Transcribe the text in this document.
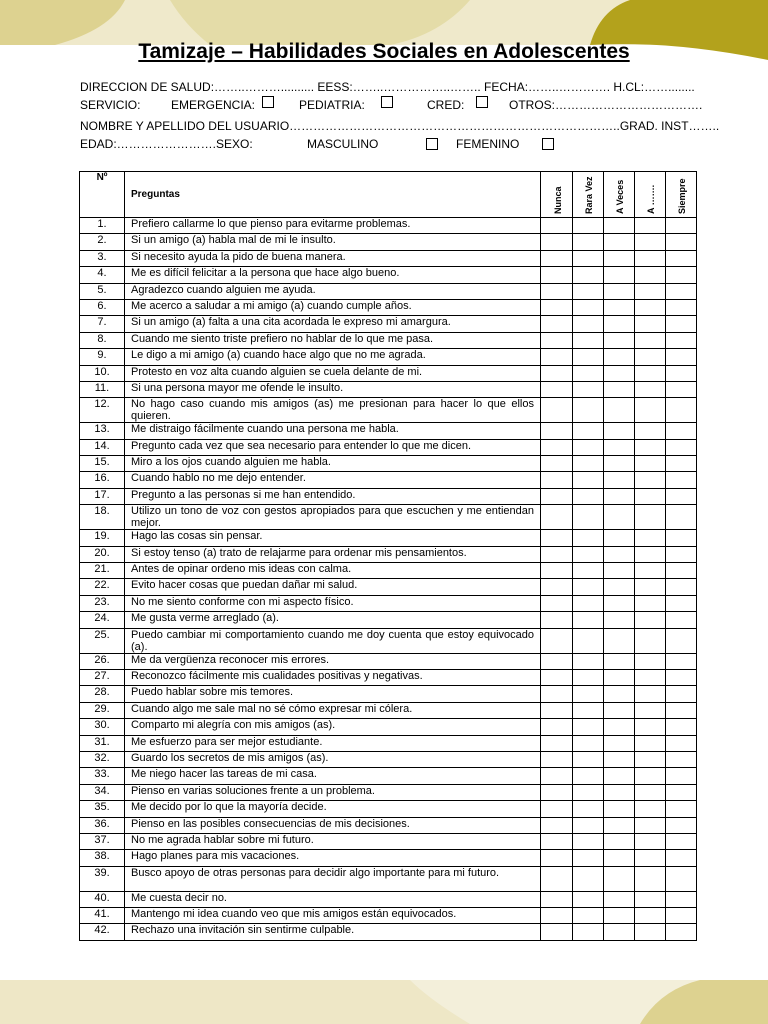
Tamizaje – Habilidades Sociales en Adolescentes
DIRECCION DE SALUD:……..……….......... EESS:……..……………..…….. FECHA:……..…………. H.CL:……........
SERVICIO:	EMERGENCIA:	PEDIATRIA:	CRED:	OTROS:……………………………….
NOMBRE Y APELLIDO DEL USUARIO………………………………………………………………………..GRAD. INST……..
EDAD:…………………….SEXO:	MASCULINO	FEMENINO
Nº	Preguntas	Nunca	Rara Vez	A Veces	A …….	Siempre

1.	Prefiero callarme lo que pienso para evitarme problemas.					
2.	Si un amigo (a) habla mal de mi le insulto.					
3.	Si necesito ayuda la pido de buena manera.					
4.	Me es difícil felicitar a la persona que hace algo bueno.					
5.	Agradezco cuando alguien me ayuda.					
6.	Me acerco a saludar a mi amigo (a) cuando cumple años.					
7.	Si un amigo (a) falta a una cita acordada le expreso mi amargura.					
8.	Cuando me siento triste prefiero no hablar de lo que me pasa.					
9.	Le digo a mi amigo (a) cuando hace algo que no me agrada.					
10.	Protesto en voz alta cuando alguien se cuela delante de mi.					
11.	Si una persona mayor me ofende le insulto.					
12.	No hago caso cuando mis amigos (as) me presionan para hacer lo que ellos quieren.					
13.	Me distraigo fácilmente cuando una persona me habla.					
14.	Pregunto cada vez que sea necesario para entender lo que me dicen.					
15.	Miro a los ojos cuando alguien me habla.					
16.	Cuando hablo no me dejo entender.					
17.	Pregunto a las personas si me han entendido.					
18.	Utilizo un tono de voz con gestos apropiados para que escuchen y me entiendan mejor.					
19.	Hago las cosas sin pensar.					
20.	Si estoy tenso (a) trato de relajarme para ordenar mis pensamientos.					
21.	Antes de opinar ordeno mis ideas con calma.					
22.	Evito hacer cosas que puedan dañar mi salud.					
23.	No me siento conforme con mi aspecto físico.					
24.	Me gusta verme arreglado (a).					
25.	Puedo cambiar mi comportamiento cuando me doy cuenta que estoy equivocado (a).					
26.	Me da vergüenza reconocer mis errores.					
27.	Reconozco fácilmente mis cualidades positivas y negativas.					
28.	Puedo hablar sobre mis temores.					
29.	Cuando algo me sale mal no sé cómo expresar mi cólera.					
30.	Comparto mi alegría con mis amigos (as).					
31.	Me esfuerzo para ser mejor estudiante.					
32.	Guardo los secretos de mis amigos (as).					
33.	Me niego hacer las tareas de mi casa.					
34.	Pienso en varias soluciones frente a un problema.					
35.	Me decido por lo que la mayoría decide.					
36.	Pienso en las posibles consecuencias de mis decisiones.					
37.	No me agrada hablar sobre mi futuro.					
38.	Hago planes para mis vacaciones.					
39.	Busco apoyo de otras personas para decidir algo importante para mi futuro.					
40.	Me cuesta decir no.					
41.	Mantengo mi idea cuando veo que mis amigos están equivocados.					
42.	Rechazo una invitación sin sentirme culpable.					
